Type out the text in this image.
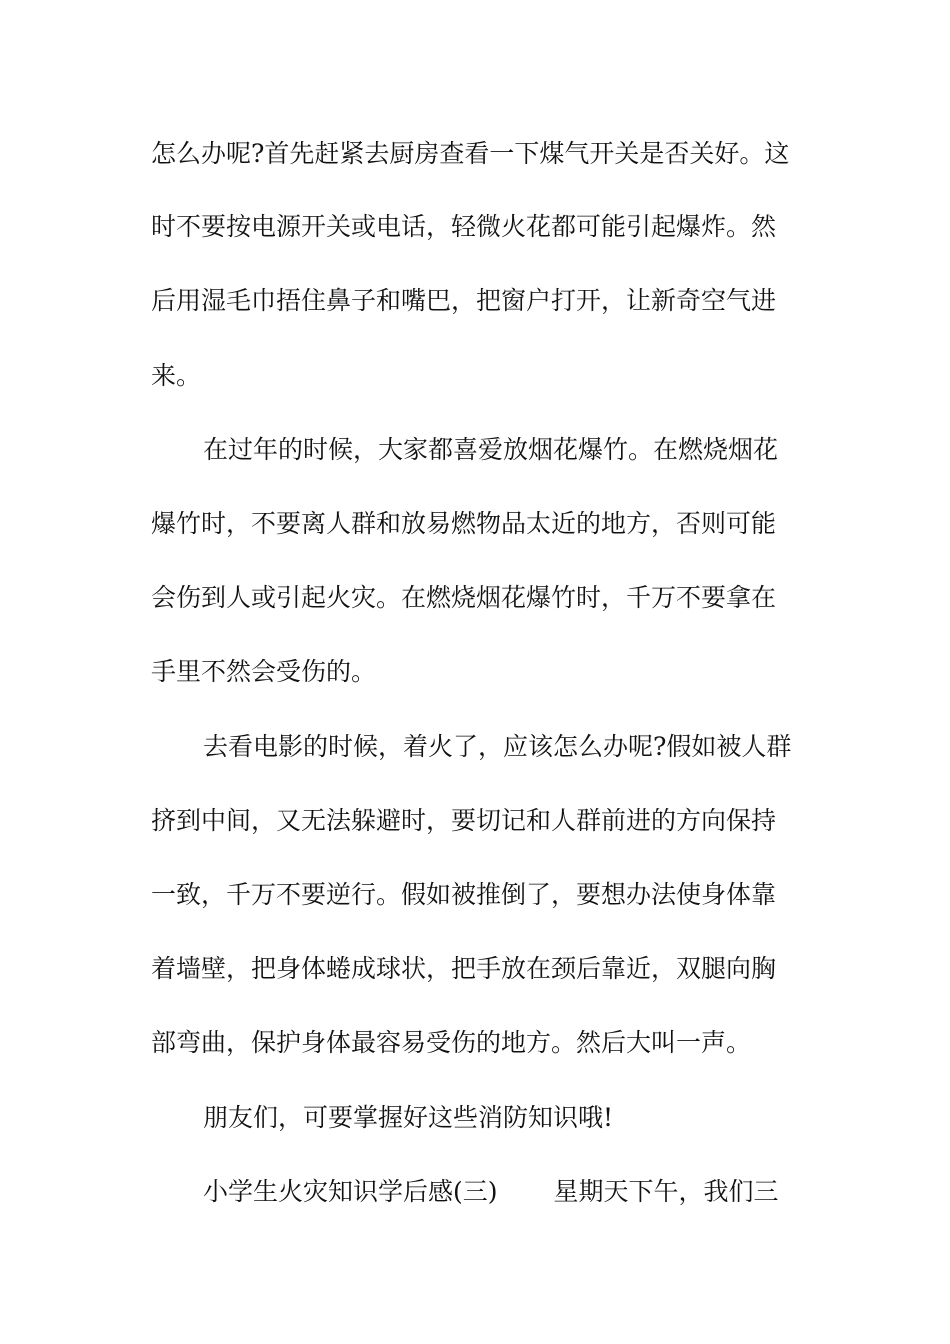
怎么办呢?首先赶紧去厨房查看一下煤气开关是否关好。这
时不要按电源开关或电话，轻微火花都可能引起爆炸。然
后用湿毛巾捂住鼻子和嘴巴，把窗户打开，让新奇空气进
来。
在过年的时候，大家都喜爱放烟花爆竹。在燃烧烟花
爆竹时，不要离人群和放易燃物品太近的地方，否则可能
会伤到人或引起火灾。在燃烧烟花爆竹时，千万不要拿在
手里不然会受伤的。
去看电影的时候，着火了，应该怎么办呢?假如被人群
挤到中间，又无法躲避时，要切记和人群前进的方向保持
一致，千万不要逆行。假如被推倒了，要想办法使身体靠
着墙壁，把身体蜷成球状，把手放在颈后靠近，双腿向胸
部弯曲，保护身体最容易受伤的地方。然后大叫一声。
朋友们，可要掌握好这些消防知识哦!
小学生火灾知识学后感(三) 星期天下午，我们三
